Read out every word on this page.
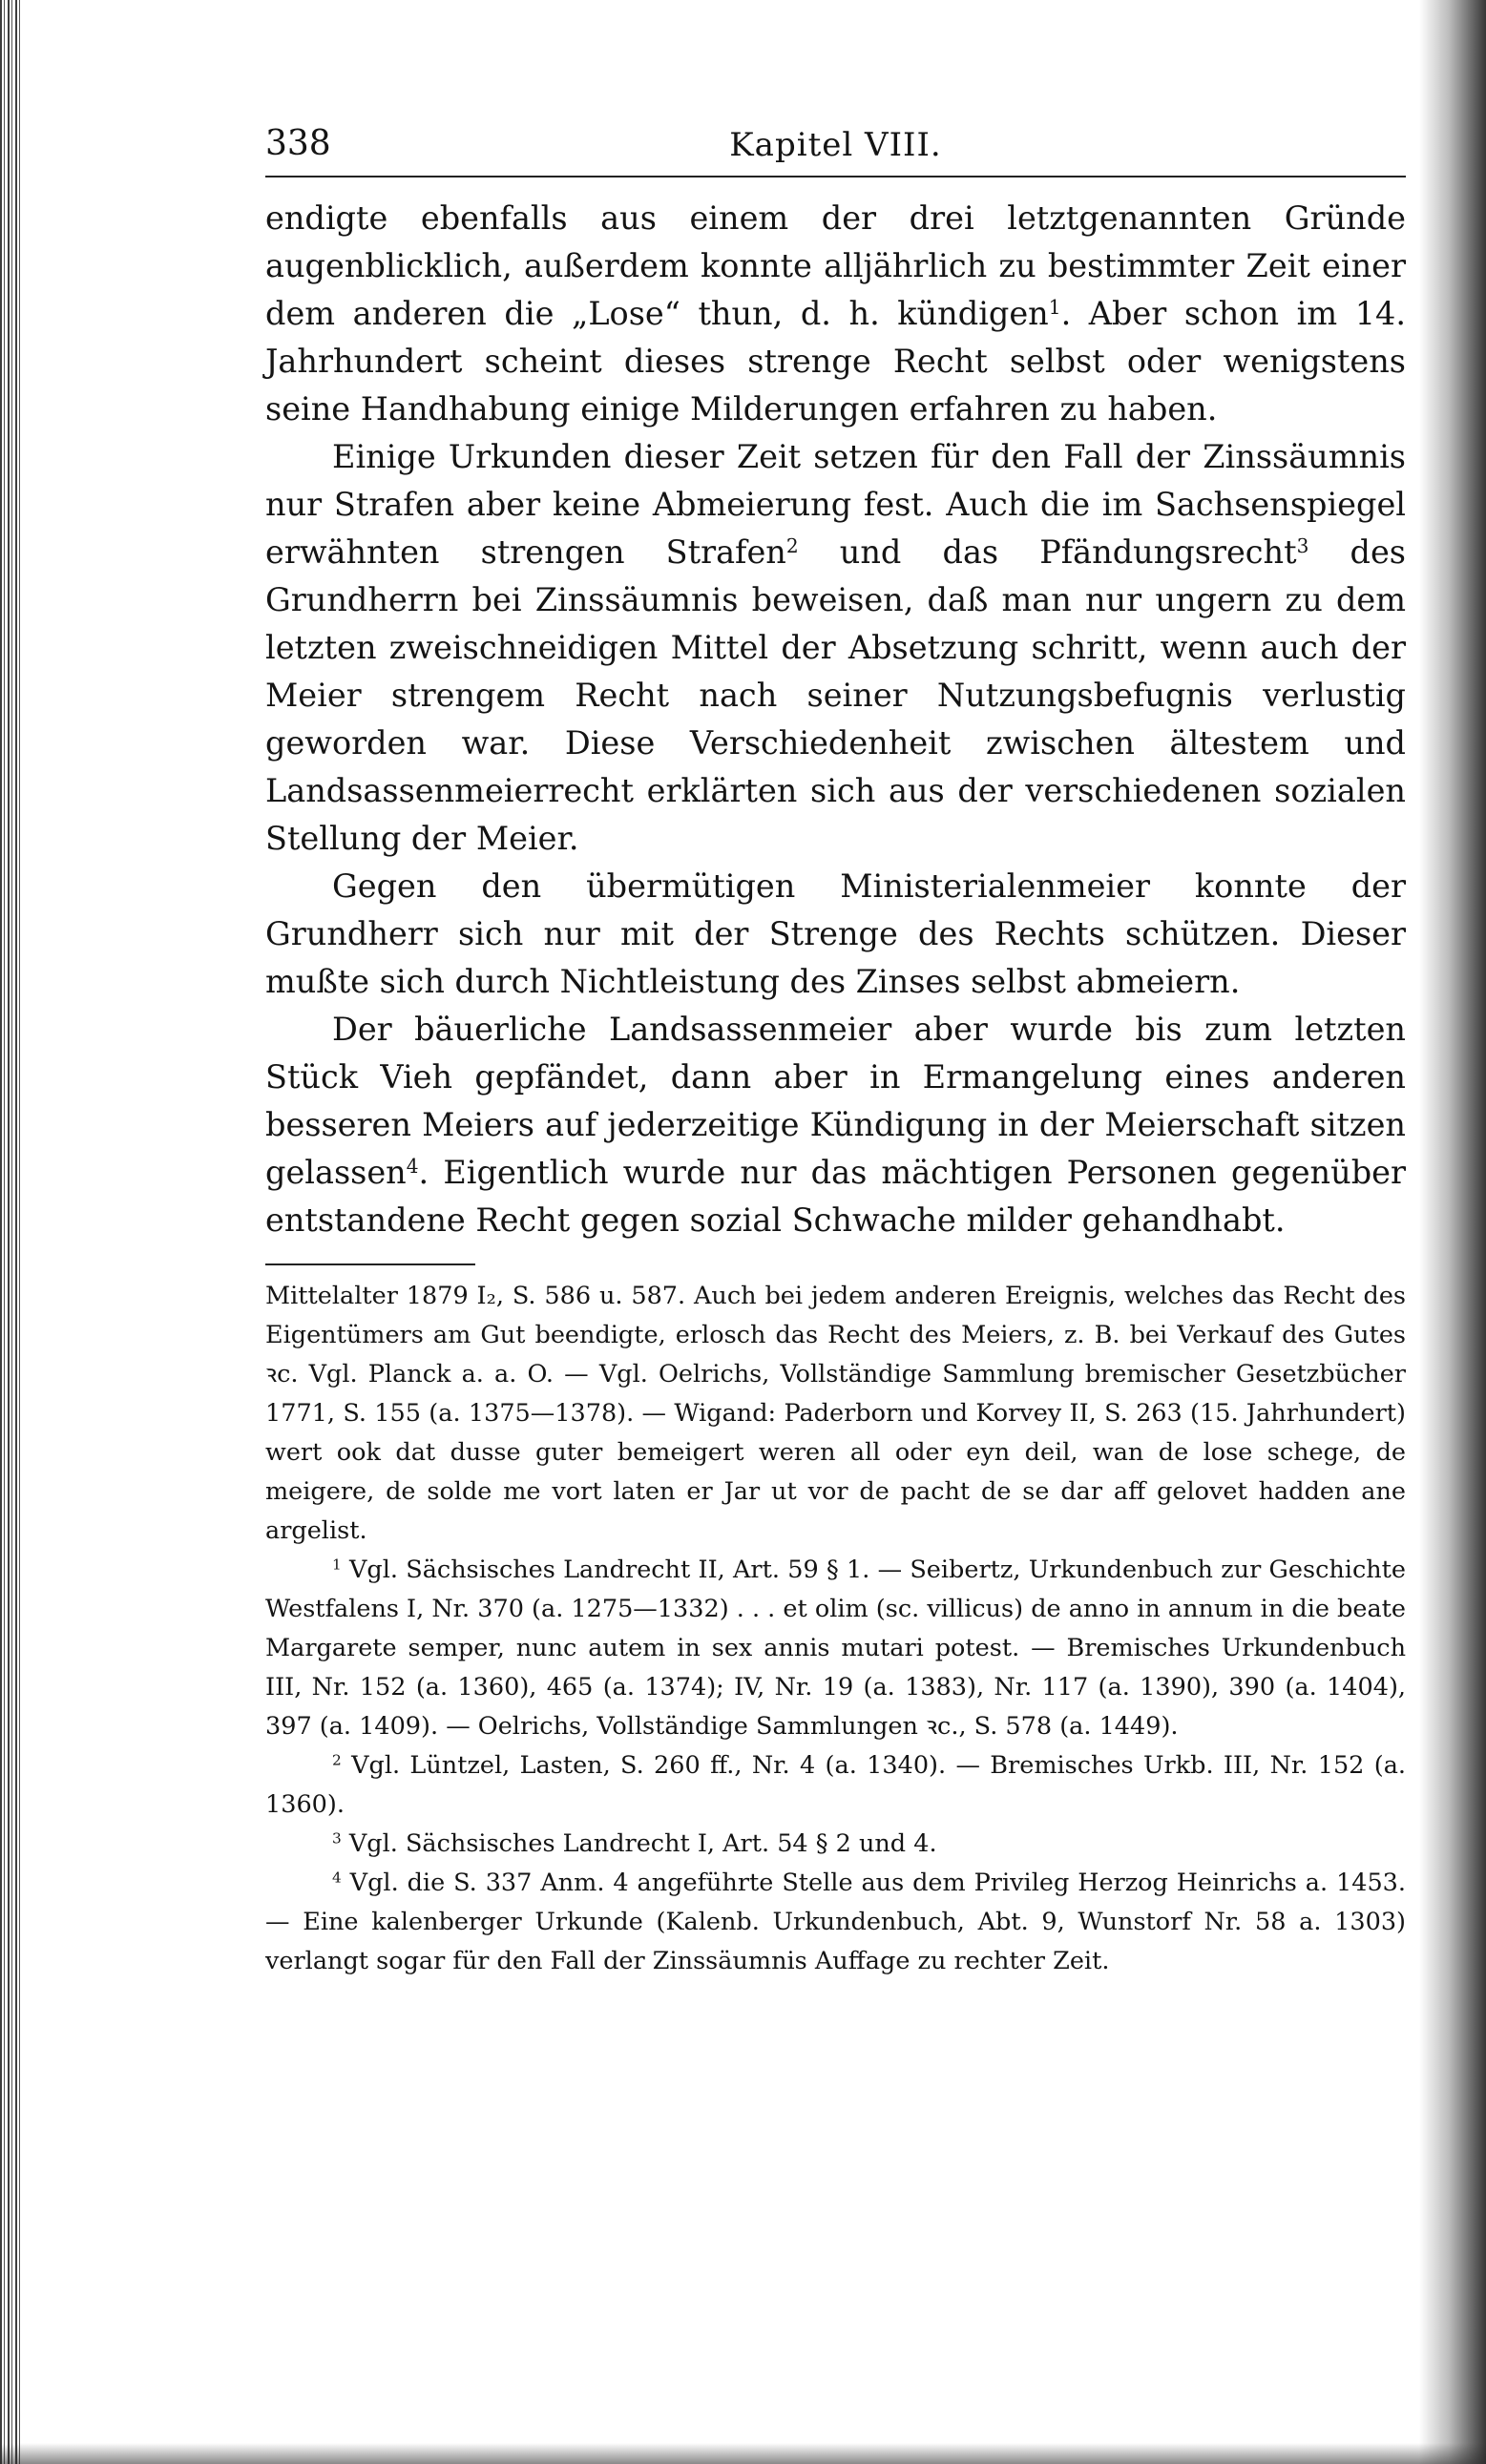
338	Kapitel VIII.

endigte ebenfalls aus einem der drei letztgenannten Gründe augenblicklich, außerdem konnte alljährlich zu bestimmter Zeit einer dem anderen die „Lose“ thun, d. h. kündigen$^1$. Aber schon im 14. Jahrhundert scheint dieses strenge Recht selbst oder wenigstens seine Handhabung einige Milderungen erfahren zu haben.

Einige Urkunden dieser Zeit setzen für den Fall der Zinssäumnis nur Strafen aber keine Abmeierung fest. Auch die im Sachsenspiegel erwähnten strengen Strafen$^2$ und das Pfändungsrecht$^3$ des Grundherrn bei Zinssäumnis beweisen, daß man nur ungern zu dem letzten zweischneidigen Mittel der Absetzung schritt, wenn auch der Meier strengem Recht nach seiner Nutzungsbefugnis verlustig geworden war. Diese Verschiedenheit zwischen ältestem und Landsassenmeierrecht erklärten sich aus der verschiedenen sozialen Stellung der Meier.

Gegen den übermütigen Ministerialenmeier konnte der Grundherr sich nur mit der Strenge des Rechts schützen. Dieser mußte sich durch Nichtleistung des Zinses selbst abmeiern.

Der bäuerliche Landsassenmeier aber wurde bis zum letzten Stück Vieh gepfändet, dann aber in Ermangelung eines anderen besseren Meiers auf jederzeitige Kündigung in der Meierschaft sitzen gelassen$^4$. Eigentlich wurde nur das mächtigen Personen gegenüber entstandene Recht gegen sozial Schwache milder gehandhabt.

Mittelalter 1879 I₂, S. 586 u. 587. Auch bei jedem anderen Ereignis, welches das Recht des Eigentümers am Gut beendigte, erlosch das Recht des Meiers, z. B. bei Verkauf des Gutes ꝛc. Vgl. Planck a. a. O. — Vgl. Oelrichs, Vollständige Sammlung bremischer Gesetzbücher 1771, S. 155 (a. 1375—1378). — Wigand: Paderborn und Korvey II, S. 263 (15. Jahrhundert) wert ook dat dusse guter bemeigert weren all oder eyn deil, wan de lose schege, de meigere, de solde me vort laten er Jar ut vor de pacht de se dar aff gelovet hadden ane argelist.

$^1$ Vgl. Sächsisches Landrecht II, Art. 59 § 1. — Seibertz, Urkundenbuch zur Geschichte Westfalens I, Nr. 370 (a. 1275—1332) . . . et olim (sc. villicus) de anno in annum in die beate Margarete semper, nunc autem in sex annis mutari potest. — Bremisches Urkundenbuch III, Nr. 152 (a. 1360), 465 (a. 1374); IV, Nr. 19 (a. 1383), Nr. 117 (a. 1390), 390 (a. 1404), 397 (a. 1409). — Oelrichs, Vollständige Sammlungen ꝛc., S. 578 (a. 1449).

$^2$ Vgl. Lüntzel, Lasten, S. 260 ff., Nr. 4 (a. 1340). — Bremisches Urkb. III, Nr. 152 (a. 1360).

$^3$ Vgl. Sächsisches Landrecht I, Art. 54 § 2 und 4.

$^4$ Vgl. die S. 337 Anm. 4 angeführte Stelle aus dem Privileg Herzog Heinrichs a. 1453. — Eine kalenberger Urkunde (Kalenb. Urkundenbuch, Abt. 9, Wunstorf Nr. 58 a. 1303) verlangt sogar für den Fall der Zinssäumnis Auffage zu rechter Zeit.
